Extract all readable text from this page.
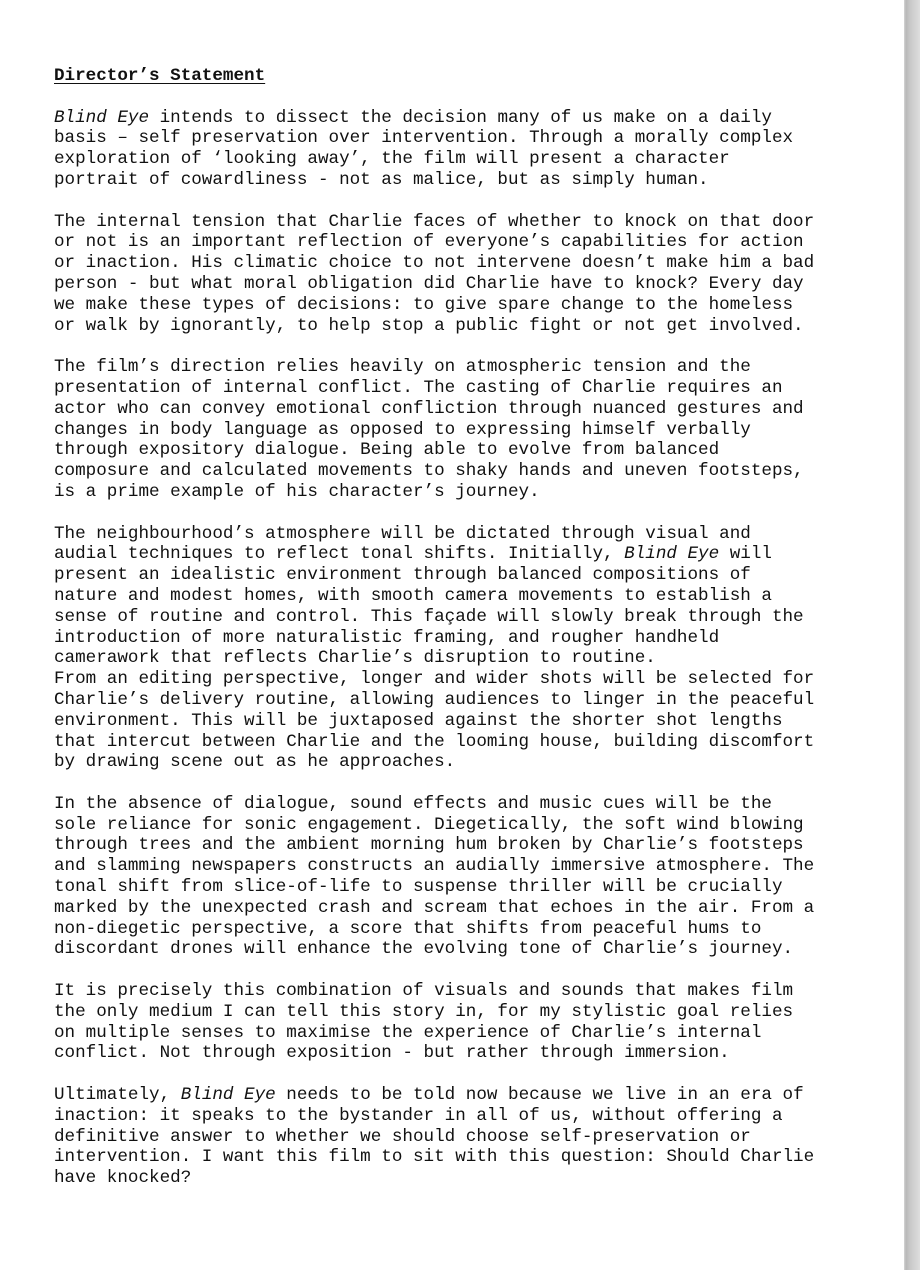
Director’s Statement
Blind Eye intends to dissect the decision many of us make on a daily
basis – self preservation over intervention. Through a morally complex
exploration of ‘looking away’, the film will present a character
portrait of cowardliness - not as malice, but as simply human.
The internal tension that Charlie faces of whether to knock on that door
or not is an important reflection of everyone’s capabilities for action
or inaction. His climatic choice to not intervene doesn’t make him a bad
person - but what moral obligation did Charlie have to knock? Every day
we make these types of decisions: to give spare change to the homeless
or walk by ignorantly, to help stop a public fight or not get involved.
The film’s direction relies heavily on atmospheric tension and the
presentation of internal conflict. The casting of Charlie requires an
actor who can convey emotional confliction through nuanced gestures and
changes in body language as opposed to expressing himself verbally
through expository dialogue. Being able to evolve from balanced
composure and calculated movements to shaky hands and uneven footsteps,
is a prime example of his character’s journey.
The neighbourhood’s atmosphere will be dictated through visual and
audial techniques to reflect tonal shifts. Initially, Blind Eye will
present an idealistic environment through balanced compositions of
nature and modest homes, with smooth camera movements to establish a
sense of routine and control. This façade will slowly break through the
introduction of more naturalistic framing, and rougher handheld
camerawork that reflects Charlie’s disruption to routine.
From an editing perspective, longer and wider shots will be selected for
Charlie’s delivery routine, allowing audiences to linger in the peaceful
environment. This will be juxtaposed against the shorter shot lengths
that intercut between Charlie and the looming house, building discomfort
by drawing scene out as he approaches.
In the absence of dialogue, sound effects and music cues will be the
sole reliance for sonic engagement. Diegetically, the soft wind blowing
through trees and the ambient morning hum broken by Charlie’s footsteps
and slamming newspapers constructs an audially immersive atmosphere. The
tonal shift from slice-of-life to suspense thriller will be crucially
marked by the unexpected crash and scream that echoes in the air. From a
non-diegetic perspective, a score that shifts from peaceful hums to
discordant drones will enhance the evolving tone of Charlie’s journey.
It is precisely this combination of visuals and sounds that makes film
the only medium I can tell this story in, for my stylistic goal relies
on multiple senses to maximise the experience of Charlie’s internal
conflict. Not through exposition - but rather through immersion.
Ultimately, Blind Eye needs to be told now because we live in an era of
inaction: it speaks to the bystander in all of us, without offering a
definitive answer to whether we should choose self-preservation or
intervention. I want this film to sit with this question: Should Charlie
have knocked?
